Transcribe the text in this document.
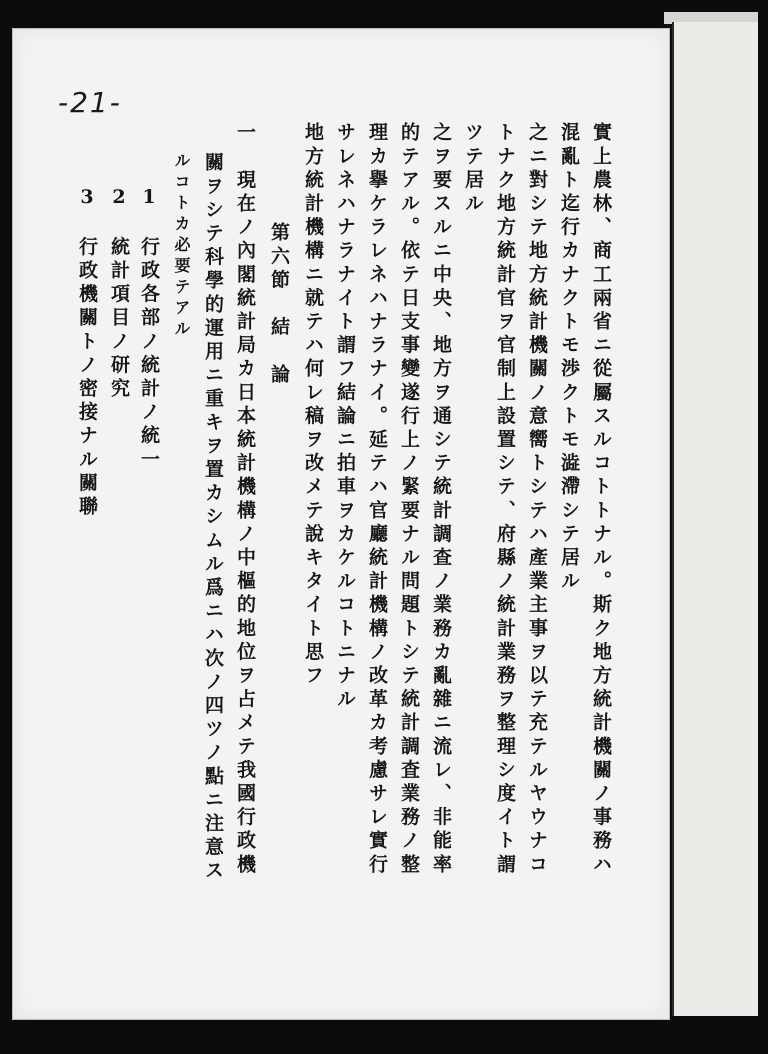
-21-
實上農林、商工兩省ニ從屬スルコトトナル。斯ク地方統計機關ノ事務ハ
混亂ト迄行カナクトモ渉クトモ澁滯シテ居ル
之ニ對シテ地方統計機關ノ意嚮トシテハ產業主事ヲ以テ充テルヤウナコ
トナク地方統計官ヲ官制上設置シテ、府縣ノ統計業務ヲ整理シ度イト謂
ツテ居ル
之ヲ要スルニ中央、地方ヲ通シテ統計調查ノ業務カ亂雜ニ流レ、非能率
的テアル。依テ日支事變遂行上ノ緊要ナル問題トシテ統計調査業務ノ整
理カ擧ケラレネハナラナイ。延テハ官廳統計機構ノ改革カ考慮サレ實行
サレネハナラナイト謂フ結論ニ拍車ヲカケルコトニナル
地方統計機構ニ就テハ何レ稿ヲ改メテ說キタイト思フ
第六節　結　論
一　現在ノ內閣統計局カ日本統計機構ノ中樞的地位ヲ占メテ我國行政機
關ヲシテ科學的運用ニ重キヲ置カシムル爲ニハ次ノ四ツノ點ニ注意ス
ルコトカ必要テアル
1　行政各部ノ統計ノ統一
2　統計項目ノ研究
3　行政機關トノ密接ナル關聯
